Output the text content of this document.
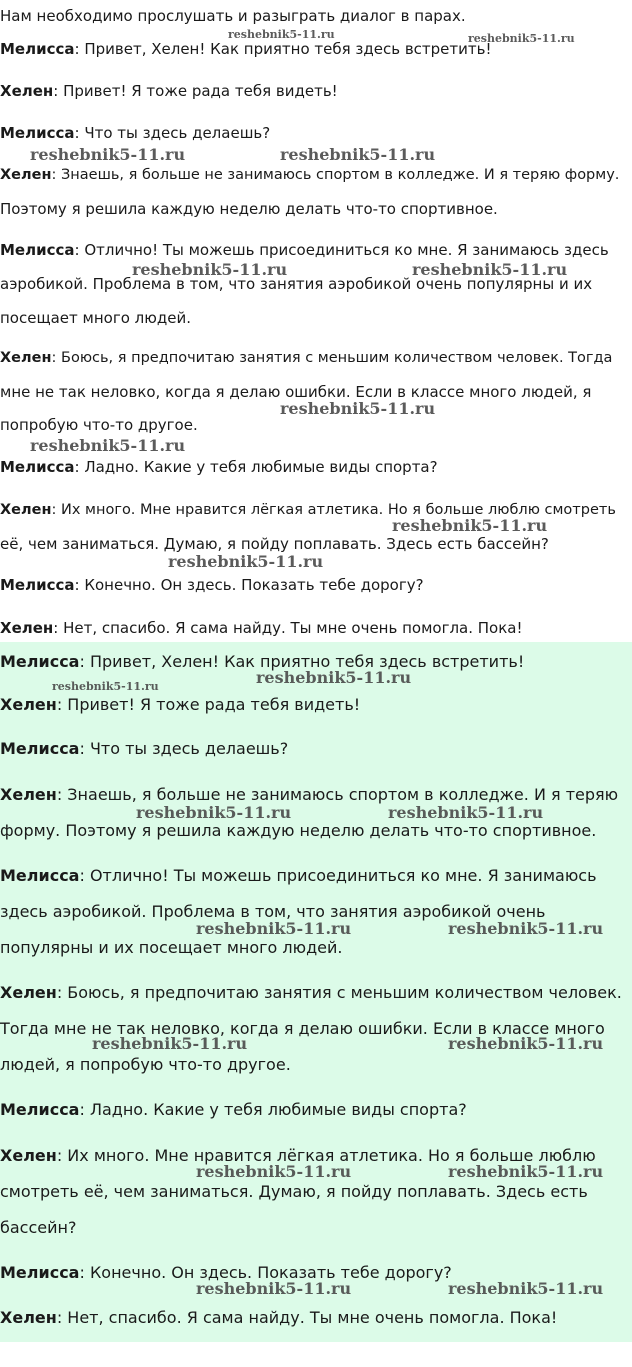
Нам необходимо прослушать и разыграть диалог в парах.
Мелисса: Привет, Хелен! Как приятно тебя здесь встретить!
Хелен: Привет! Я тоже рада тебя видеть!
Мелисса: Что ты здесь делаешь?
Хелен: Знаешь, я больше не занимаюсь спортом в колледже. И я теряю форму.
Поэтому я решила каждую неделю делать что-то спортивное.
Мелисса: Отлично! Ты можешь присоединиться ко мне. Я занимаюсь здесь
аэробикой. Проблема в том, что занятия аэробикой очень популярны и их
посещает много людей.
Хелен: Боюсь, я предпочитаю занятия с меньшим количеством человек. Тогда
мне не так неловко, когда я делаю ошибки. Если в классе много людей, я
попробую что-то другое.
Мелисса: Ладно. Какие у тебя любимые виды спорта?
Хелен: Их много. Мне нравится лёгкая атлетика. Но я больше люблю смотреть
её, чем заниматься. Думаю, я пойду поплавать. Здесь есть бассейн?
Мелисса: Конечно. Он здесь. Показать тебе дорогу?
Хелен: Нет, спасибо. Я сама найду. Ты мне очень помогла. Пока!
reshebnik5-11.ru	reshebnik5-11.ru
reshebnik5-11.ru	reshebnik5-11.ru
reshebnik5-11.ru	reshebnik5-11.ru
reshebnik5-11.ru
reshebnik5-11.ru
reshebnik5-11.ru
reshebnik5-11.ru
Мелисса: Привет, Хелен! Как приятно тебя здесь встретить!
Хелен: Привет! Я тоже рада тебя видеть!
Мелисса: Что ты здесь делаешь?
Хелен: Знаешь, я больше не занимаюсь спортом в колледже. И я теряю
форму. Поэтому я решила каждую неделю делать что-то спортивное.
Мелисса: Отлично! Ты можешь присоединиться ко мне. Я занимаюсь
здесь аэробикой. Проблема в том, что занятия аэробикой очень
популярны и их посещает много людей.
Хелен: Боюсь, я предпочитаю занятия с меньшим количеством человек.
Тогда мне не так неловко, когда я делаю ошибки. Если в классе много
людей, я попробую что-то другое.
Мелисса: Ладно. Какие у тебя любимые виды спорта?
Хелен: Их много. Мне нравится лёгкая атлетика. Но я больше люблю
смотреть её, чем заниматься. Думаю, я пойду поплавать. Здесь есть
бассейн?
Мелисса: Конечно. Он здесь. Показать тебе дорогу?
Хелен: Нет, спасибо. Я сама найду. Ты мне очень помогла. Пока!
reshebnik5-11.ru	reshebnik5-11.ru
reshebnik5-11.ru	reshebnik5-11.ru
reshebnik5-11.ru	reshebnik5-11.ru
reshebnik5-11.ru	reshebnik5-11.ru
reshebnik5-11.ru	reshebnik5-11.ru
reshebnik5-11.ru	reshebnik5-11.ru
